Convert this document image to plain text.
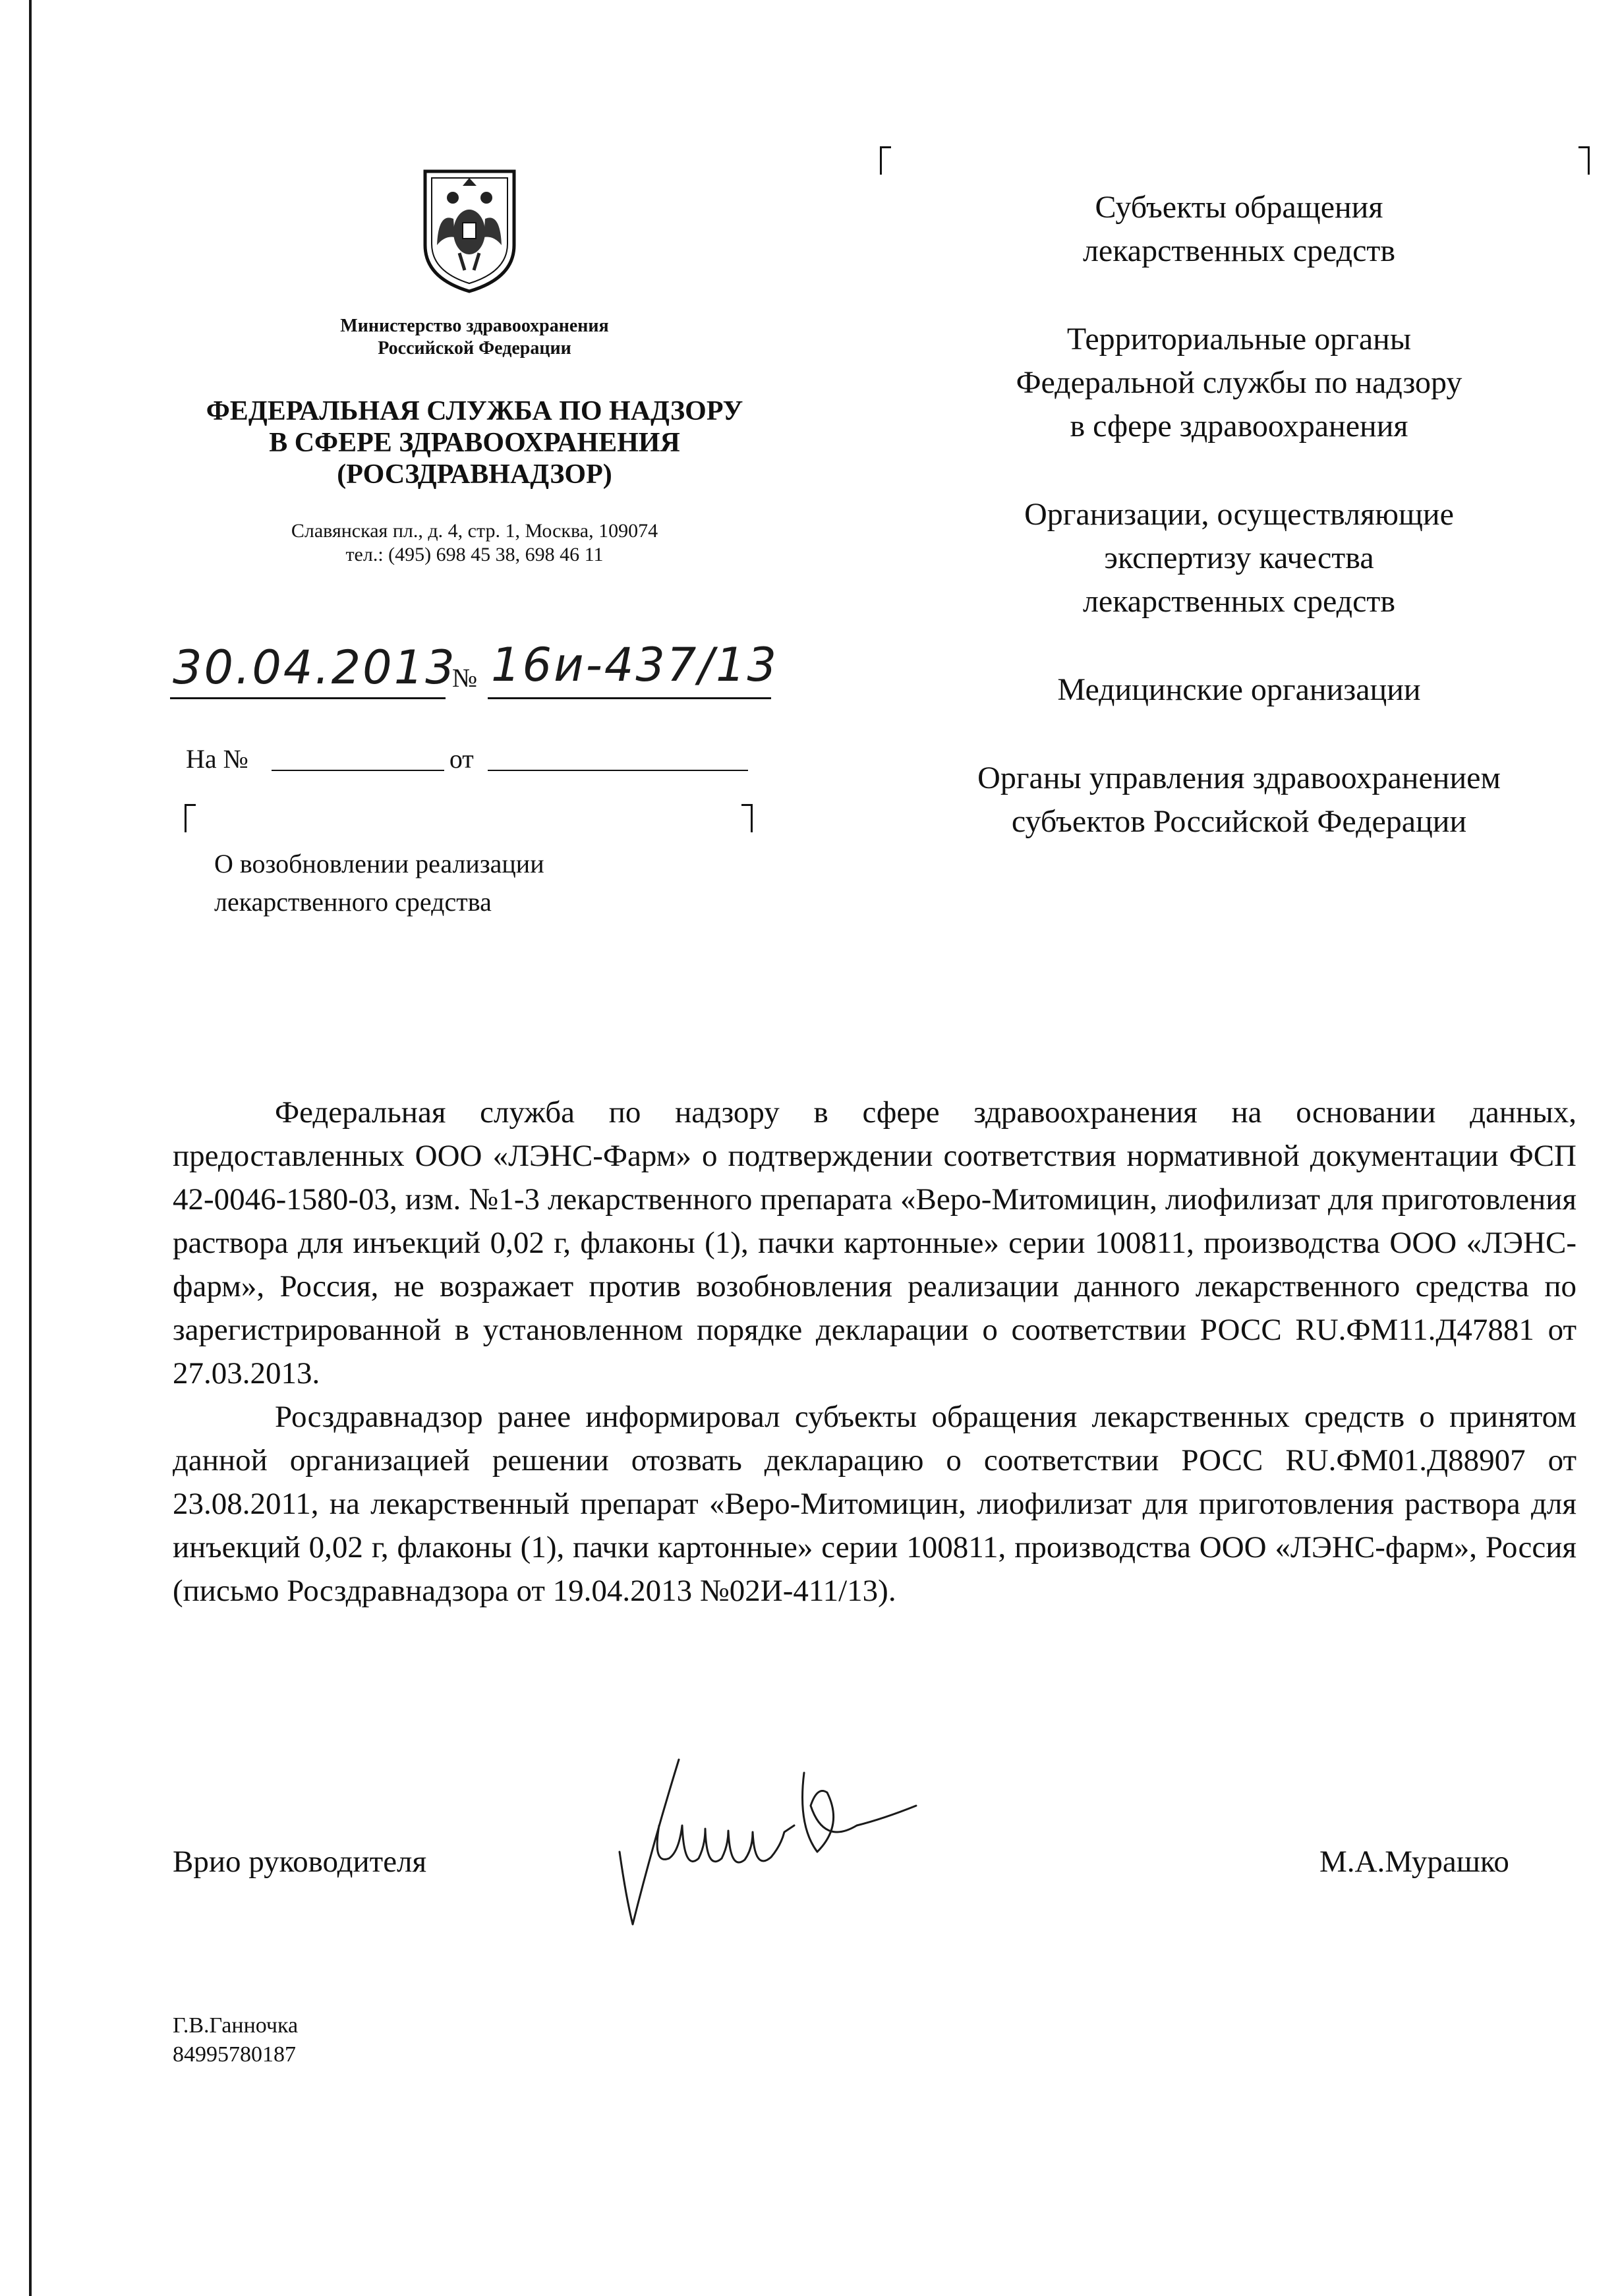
Министерство здравоохранения
Российской Федерации
ФЕДЕРАЛЬНАЯ СЛУЖБА ПО НАДЗОРУ
В СФЕРЕ ЗДРАВООХРАНЕНИЯ
(РОСЗДРАВНАДЗОР)
Славянская пл., д. 4, стр. 1, Москва, 109074
тел.: (495) 698 45 38, 698 46 11
30.04.2013
№ 16и-437/13
На №	от
О возобновлении реализации
лекарственного средства
Субъекты обращения
лекарственных средств
Территориальные органы
Федеральной службы по надзору
в сфере здравоохранения
Организации, осуществляющие
экспертизу качества
лекарственных средств
Медицинские организации
Органы управления здравоохранением
субъектов Российской Федерации

Федеральная служба по надзору в сфере здравоохранения на основании данных, предоставленных ООО «ЛЭНС-Фарм» о подтверждении соответствия нормативной документации ФСП 42-0046-1580-03, изм. №1-3 лекарственного препарата «Веро-Митомицин, лиофилизат для приготовления раствора для инъекций 0,02 г, флаконы (1), пачки картонные» серии 100811, производства ООО «ЛЭНС-фарм», Россия, не возражает против возобновления реализации данного лекарственного средства по зарегистрированной в установленном порядке декларации о соответствии РОСС RU.ФМ11.Д47881 от 27.03.2013.

Росздравнадзор ранее информировал субъекты обращения лекарственных средств о принятом данной организацией решении отозвать декларацию о соответствии РОСС RU.ФМ01.Д88907 от 23.08.2011, на лекарственный препарат «Веро-Митомицин, лиофилизат для приготовления раствора для инъекций 0,02 г, флаконы (1), пачки картонные» серии 100811, производства ООО «ЛЭНС-фарм», Россия (письмо Росздравнадзора от 19.04.2013 №02И-411/13).

Врио руководителя	М.А.Мурашко
Г.В.Ганночка
84995780187
